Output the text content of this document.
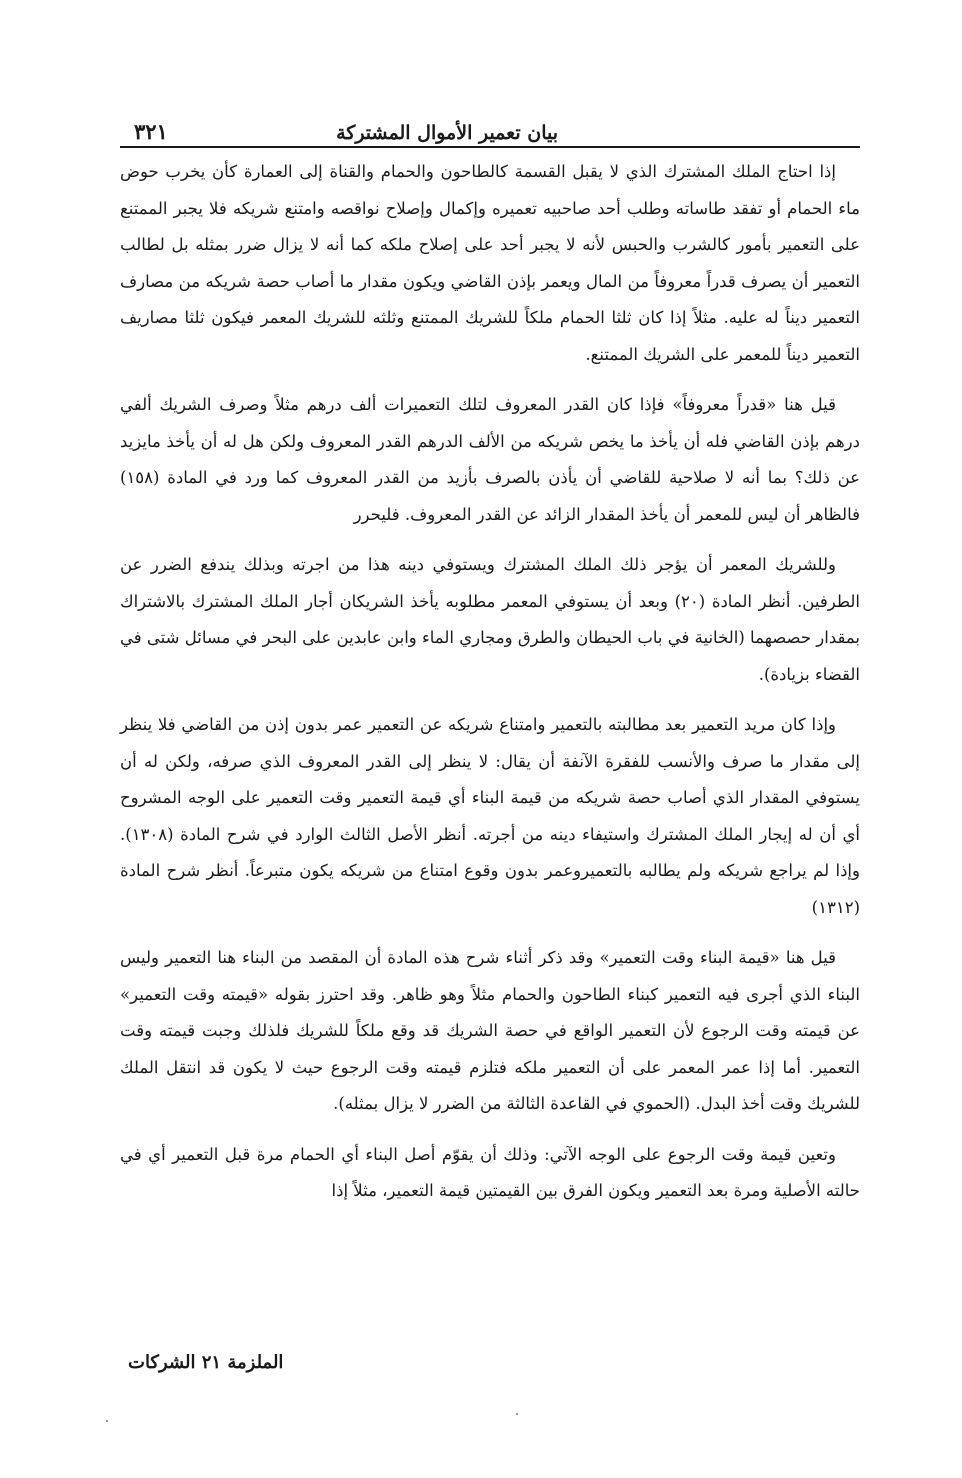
بيان تعمير الأموال المشتركة
٣٢١

إذا احتاج الملك المشترك الذي لا يقبل القسمة كالطاحون والحمام والقناة إلى العمارة كأن يخرب حوض ماء الحمام أو تفقد طاساته وطلب أحد صاحبيه تعميره وإكمال وإصلاح نواقصه وامتنع شريكه فلا يجبر الممتنع على التعمير بأمور كالشرب والحبس لأنه لا يجبر أحد على إصلاح ملكه كما أنه لا يزال ضرر بمثله بل لطالب التعمير أن يصرف قدراً معروفاً من المال ويعمر بإذن القاضي ويكون مقدار ما أصاب حصة شريكه من مصارف التعمير ديناً له عليه. مثلاً إذا كان ثلثا الحمام ملكاً للشريك الممتنع وثلثه للشريك المعمر فيكون ثلثا مصاريف التعمير ديناً للمعمر على الشريك الممتنع.

قيل هنا «قدراً معروفاً» فإذا كان القدر المعروف لتلك التعميرات ألف درهم مثلاً وصرف الشريك ألفي درهم بإذن القاضي فله أن يأخذ ما يخص شريكه من الألف الدرهم القدر المعروف ولكن هل له أن يأخذ مايزيد عن ذلك؟ بما أنه لا صلاحية للقاضي أن يأذن بالصرف بأزيد من القدر المعروف كما ورد في المادة (١٥٨) فالظاهر أن ليس للمعمر أن يأخذ المقدار الزائد عن القدر المعروف. فليحرر

وللشريك المعمر أن يؤجر ذلك الملك المشترك ويستوفي دينه هذا من اجرته وبذلك يندفع الضرر عن الطرفين. أنظر المادة (٢٠) وبعد أن يستوفي المعمر مطلوبه يأخذ الشريكان أجار الملك المشترك بالاشتراك بمقدار حصصهما (الخانية في باب الحيطان والطرق ومجاري الماء وابن عابدين على البحر في مسائل شتى في القضاء بزيادة).

وإذا كان مريد التعمير بعد مطالبته بالتعمير وامتناع شريكه عن التعمير عمر بدون إذن من القاضي فلا ينظر إلى مقدار ما صرف والأنسب للفقرة الآنفة أن يقال: لا ينظر إلى القدر المعروف الذي صرفه، ولكن له أن يستوفي المقدار الذي أصاب حصة شريكه من قيمة البناء أي قيمة التعمير وقت التعمير على الوجه المشروح أي أن له إيجار الملك المشترك واستيفاء دينه من أجرته. أنظر الأصل الثالث الوارد في شرح المادة (١٣٠٨). وإذا لم يراجع شريكه ولم يطالبه بالتعميروعمر بدون وقوع امتناع من شريكه يكون متبرعاً. أنظر شرح المادة (١٣١٢)

قيل هنا «قيمة البناء وقت التعمير» وقد ذكر أثناء شرح هذه المادة أن المقصد من البناء هنا التعمير وليس البناء الذي أجرى فيه التعمير كبناء الطاحون والحمام مثلاً وهو ظاهر. وقد احترز بقوله «قيمته وقت التعمير» عن قيمته وقت الرجوع لأن التعمير الواقع في حصة الشريك قد وقع ملكاً للشريك فلذلك وجبت قيمته وقت التعمير. أما إذا عمر المعمر على أن التعمير ملكه فتلزم قيمته وقت الرجوع حيث لا يكون قد انتقل الملك للشريك وقت أخذ البدل. (الحموي في القاعدة الثالثة من الضرر لا يزال بمثله).

وتعين قيمة وقت الرجوع على الوجه الآتي: وذلك أن يقوّم أصل البناء أي الحمام مرة قبل التعمير أي في حالته الأصلية ومرة بعد التعمير ويكون الفرق بين القيمتين قيمة التعمير، مثلاً إذا

الملزمة ٢١ الشركات
